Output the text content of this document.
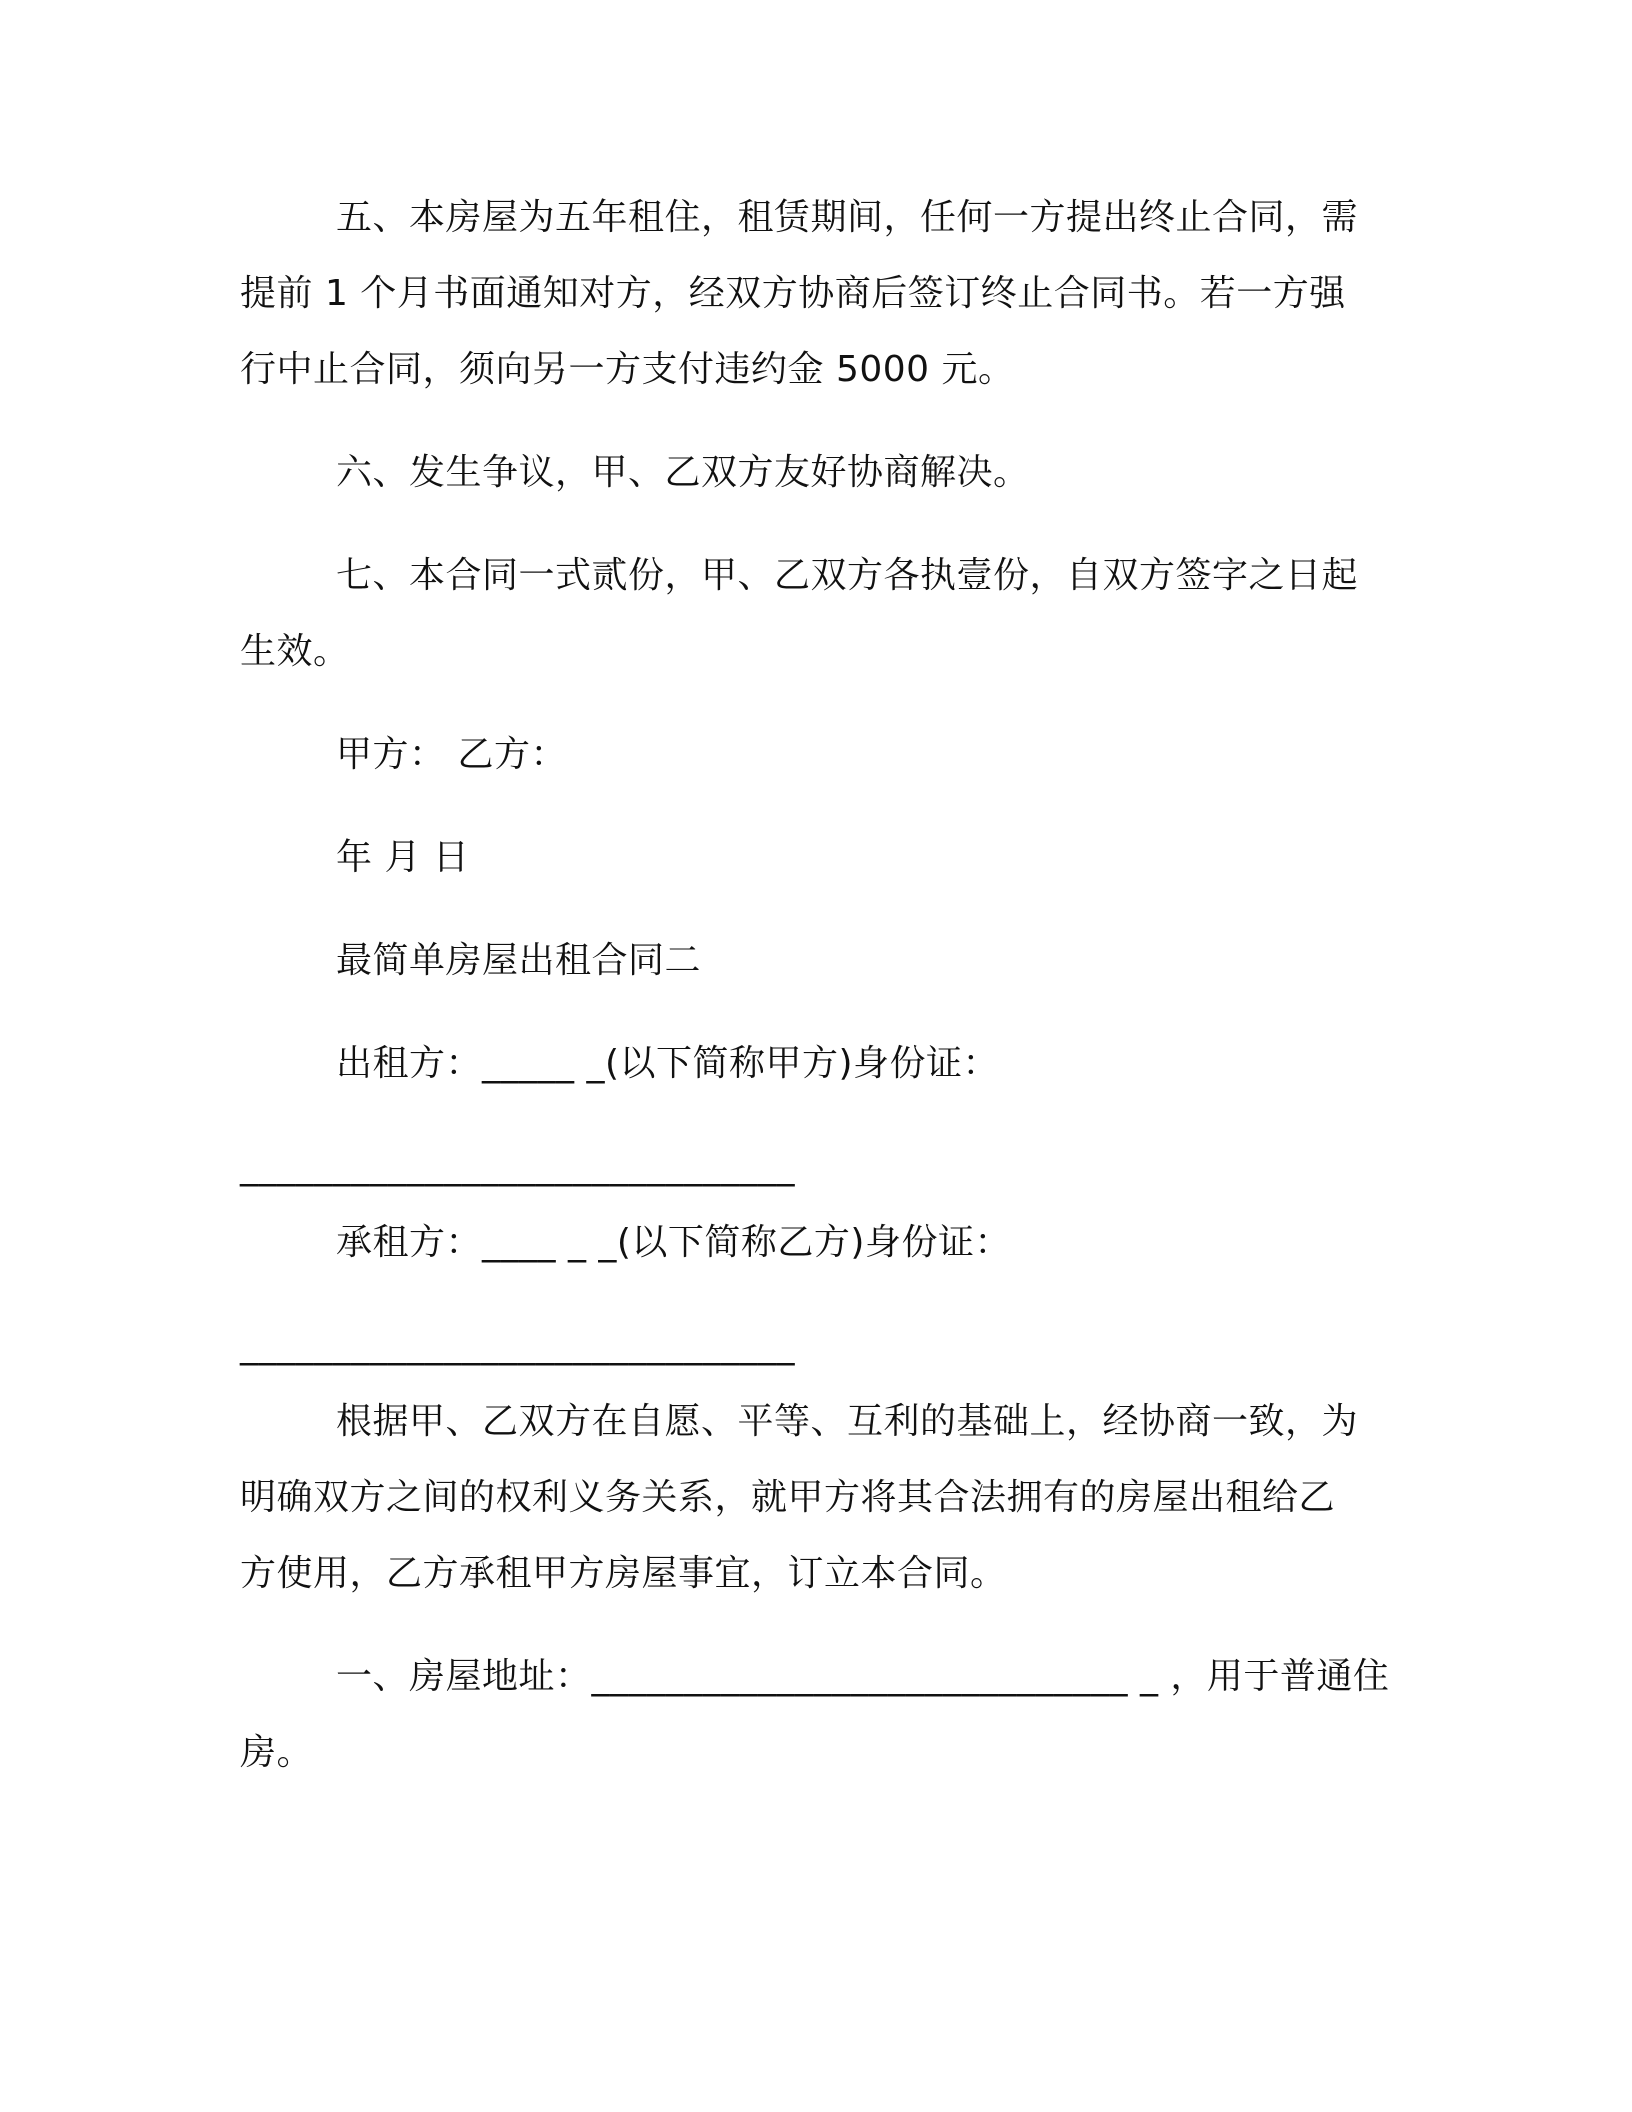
五、本房屋为五年租住，租赁期间，任何一方提出终止合同，需
提前 1 个月书面通知对方，经双方协商后签订终止合同书。若一方强
行中止合同，须向另一方支付违约金 5000 元。
六、发生争议，甲、乙双方友好协商解决。
七、本合同一式贰份，甲、乙双方各执壹份，自双方签字之日起
生效。
甲方： 乙方：
年 月 日
最简单房屋出租合同二
出租方：_____ _(以下简称甲方)身份证：
______________________________
承租方：____ _ _(以下简称乙方)身份证：
______________________________
根据甲、乙双方在自愿、平等、互利的基础上，经协商一致，为
明确双方之间的权利义务关系，就甲方将其合法拥有的房屋出租给乙
方使用，乙方承租甲方房屋事宜，订立本合同。
一、房屋地址：_____________________________ _ ，用于普通住
房。
